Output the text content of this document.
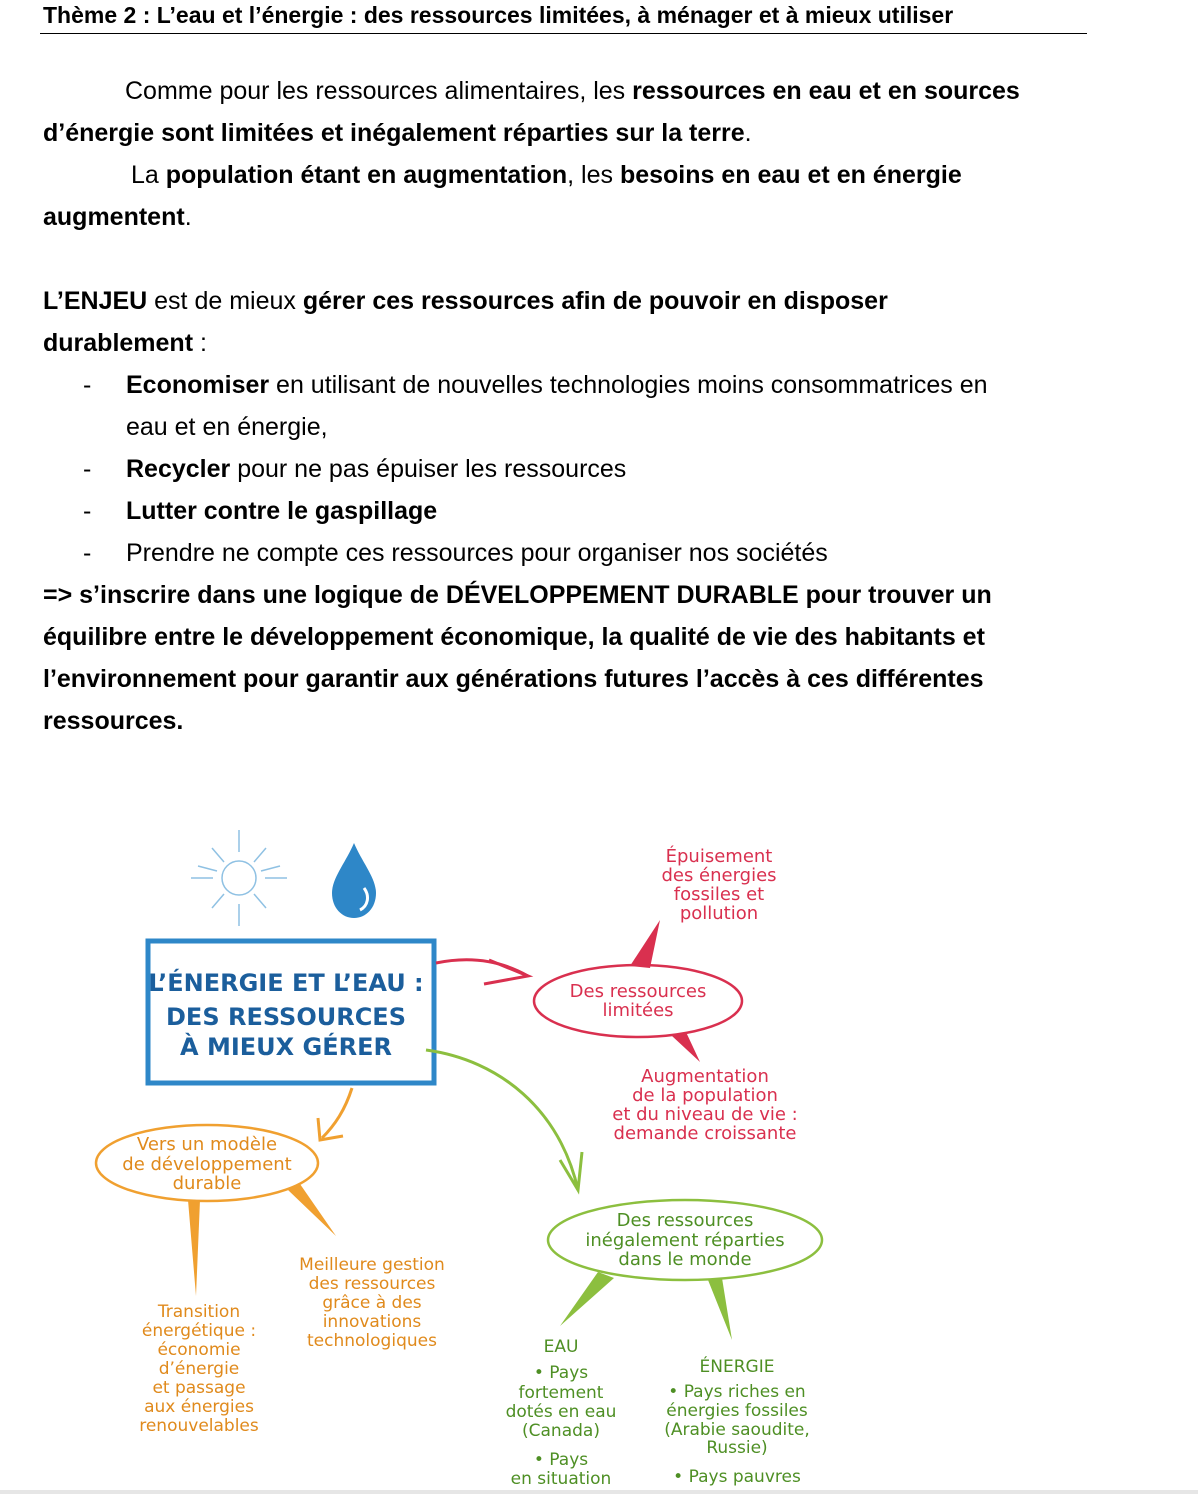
Thème 2 : L’eau et l’énergie : des ressources limitées, à ménager et à mieux utiliser
Comme pour les ressources alimentaires, les ressources en eau et en sources
d’énergie sont limitées et inégalement réparties sur la terre.
La population étant en augmentation, les besoins en eau et en énergie
augmentent.
L’ENJEU est de mieux gérer ces ressources afin de pouvoir en disposer
durablement :
- Economiser en utilisant de nouvelles technologies moins consommatrices en
eau et en énergie,
- Recycler pour ne pas épuiser les ressources
- Lutter contre le gaspillage
- Prendre ne compte ces ressources pour organiser nos sociétés
=> s’inscrire dans une logique de DÉVELOPPEMENT DURABLE pour trouver un
équilibre entre le développement économique, la qualité de vie des habitants et
l’environnement pour garantir aux générations futures l’accès à ces différentes
ressources.
L’ÉNERGIE ET L’EAU :
DES RESSOURCES
À MIEUX GÉRER
Des ressources
limitées
Épuisement
des énergies
fossiles et
pollution
Augmentation
de la population
et du niveau de vie :
demande croissante
Vers un modèle
de développement
durable
Transition
énergétique :
économie
d’énergie
et passage
aux énergies
renouvelables
Meilleure gestion
des ressources
grâce à des
innovations
technologiques
Des ressources
inégalement réparties
dans le monde
EAU
• Pays
fortement
dotés en eau
(Canada)
• Pays
en situation
ÉNERGIE
• Pays riches en
énergies fossiles
(Arabie saoudite,
Russie)
• Pays pauvres
